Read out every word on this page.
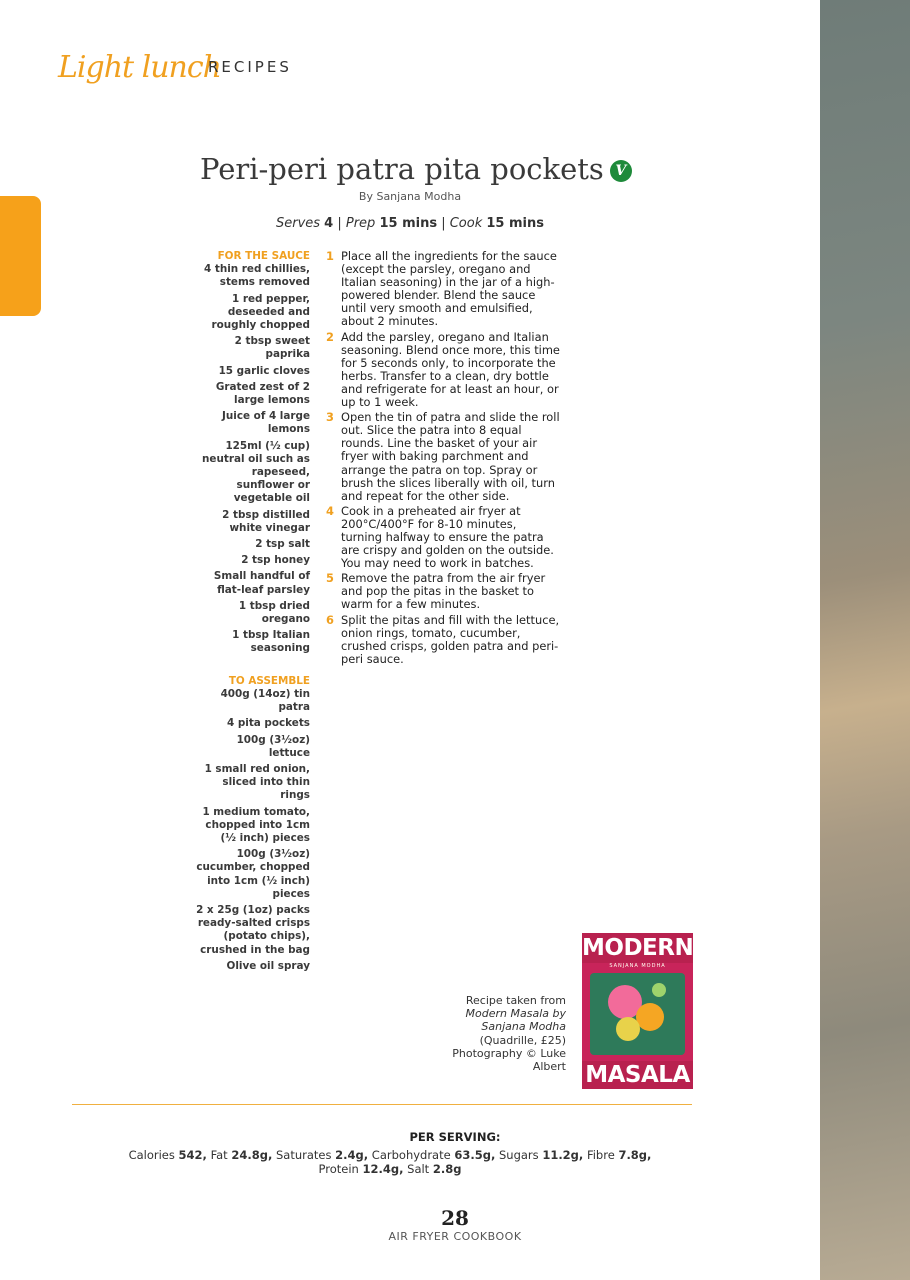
Light lunch
RECIPES
Peri-peri patra pita pockets V
By Sanjana Modha
Serves 4 | Prep 15 mins | Cook 15 mins
FOR THE SAUCE
4 thin red chillies, stems removed
1 red pepper, deseeded and roughly chopped
2 tbsp sweet paprika
15 garlic cloves
Grated zest of 2 large lemons
Juice of 4 large lemons
125ml (½ cup) neutral oil such as rapeseed, sunflower or vegetable oil
2 tbsp distilled white vinegar
2 tsp salt
2 tsp honey
Small handful of flat-leaf parsley
1 tbsp dried oregano
1 tbsp Italian seasoning
TO ASSEMBLE
400g (14oz) tin patra
4 pita pockets
100g (3½oz) lettuce
1 small red onion, sliced into thin rings
1 medium tomato, chopped into 1cm (½ inch) pieces
100g (3½oz) cucumber, chopped into 1cm (½ inch) pieces
2 x 25g (1oz) packs ready-salted crisps (potato chips), crushed in the bag
Olive oil spray
1 Place all the ingredients for the sauce (except the parsley, oregano and Italian seasoning) in the jar of a high-powered blender. Blend the sauce until very smooth and emulsified, about 2 minutes.
2 Add the parsley, oregano and Italian seasoning. Blend once more, this time for 5 seconds only, to incorporate the herbs. Transfer to a clean, dry bottle and refrigerate for at least an hour, or up to 1 week.
3 Open the tin of patra and slide the roll out. Slice the patra into 8 equal rounds. Line the basket of your air fryer with baking parchment and arrange the patra on top. Spray or brush the slices liberally with oil, turn and repeat for the other side.
4 Cook in a preheated air fryer at 200°C/400°F for 8-10 minutes, turning halfway to ensure the patra are crispy and golden on the outside. You may need to work in batches.
5 Remove the patra from the air fryer and pop the pitas in the basket to warm for a few minutes.
6 Split the pitas and fill with the lettuce, onion rings, tomato, cucumber, crushed crisps, golden patra and peri-peri sauce.
Recipe taken from
Modern Masala by Sanjana Modha
(Quadrille, £25)
Photography © Luke Albert
MODERN
SANJANA MODHA
MASALA
PER SERVING:
Calories 542, Fat 24.8g, Saturates 2.4g, Carbohydrate 63.5g, Sugars 11.2g, Fibre 7.8g,
Protein 12.4g, Salt 2.8g
28
AIR FRYER COOKBOOK
